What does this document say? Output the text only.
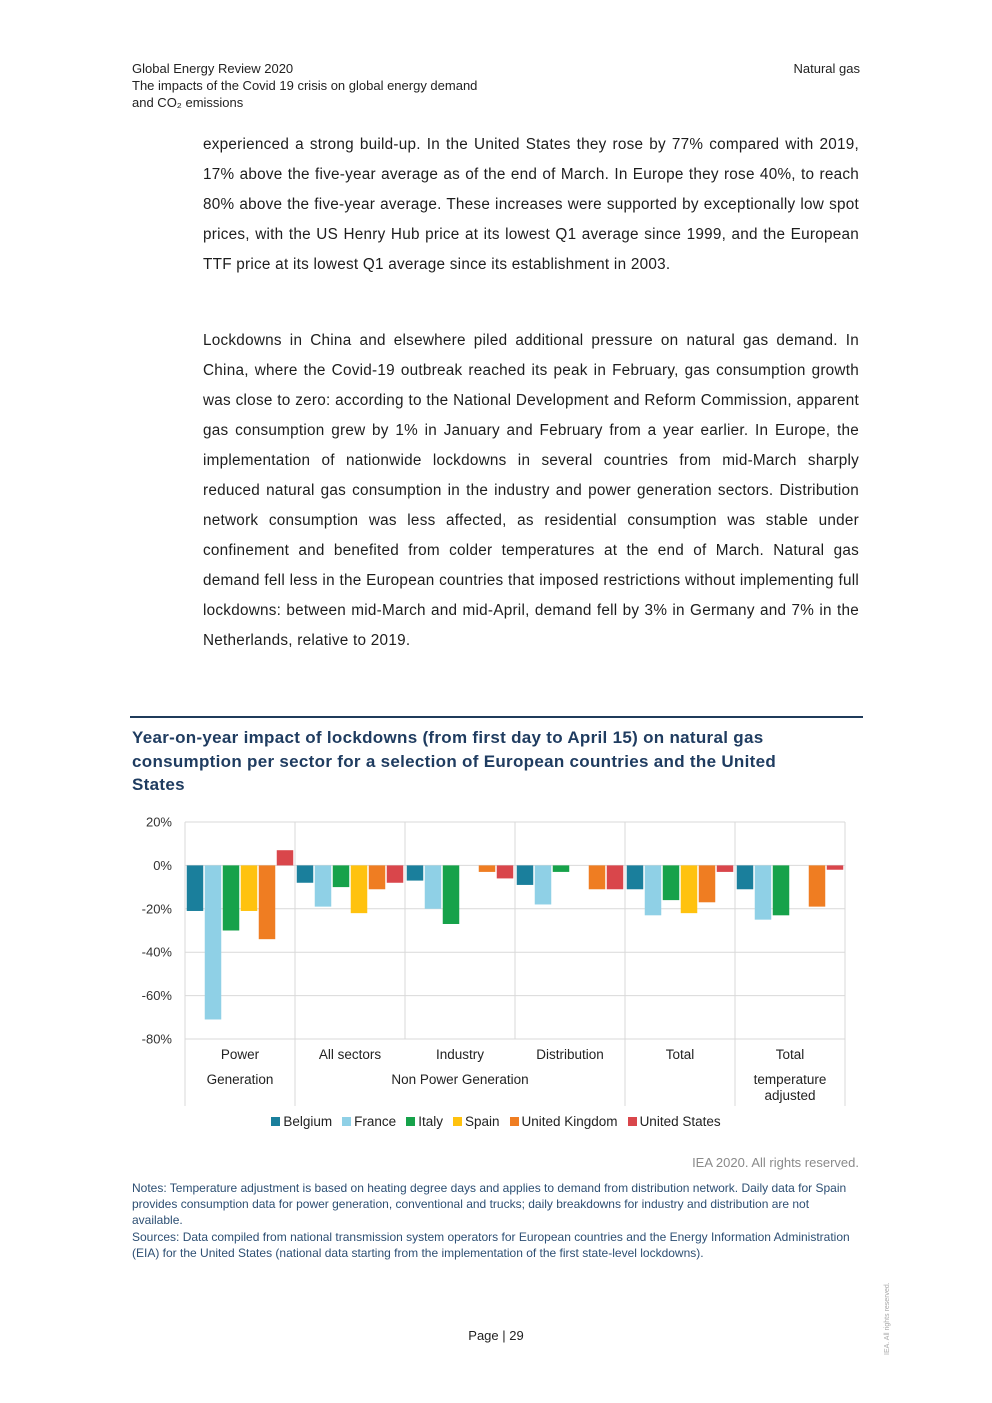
Global Energy Review 2020
The impacts of the Covid 19 crisis on global energy demand
and CO₂ emissions
Natural gas
experienced a strong build-up. In the United States they rose by 77% compared with 2019, 17% above the five-year average as of the end of March. In Europe they rose 40%, to reach 80% above the five-year average. These increases were supported by exceptionally low spot prices, with the US Henry Hub price at its lowest Q1 average since 1999, and the European TTF price at its lowest Q1 average since its establishment in 2003.
Lockdowns in China and elsewhere piled additional pressure on natural gas demand. In China, where the Covid-19 outbreak reached its peak in February, gas consumption growth was close to zero: according to the National Development and Reform Commission, apparent gas consumption grew by 1% in January and February from a year earlier. In Europe, the implementation of nationwide lockdowns in several countries from mid-March sharply reduced natural gas consumption in the industry and power generation sectors. Distribution network consumption was less affected, as residential consumption was stable under confinement and benefited from colder temperatures at the end of March. Natural gas demand fell less in the European countries that imposed restrictions without implementing full lockdowns: between mid-March and mid-April, demand fell by 3% in Germany and 7% in the Netherlands, relative to 2019.
Year-on-year impact of lockdowns (from first day to April 15) on natural gas consumption per sector for a selection of European countries and the United States
20%
0%
-20%
-40%
-60%
-80%
Power	All sectors	Industry	Distribution	Total	Total
Generation	Non Power Generation	temperature adjusted
Belgium France Italy Spain United Kingdom United States
IEA 2020. All rights reserved.

Notes: Temperature adjustment is based on heating degree days and applies to demand from distribution network. Daily data for Spain provides consumption data for power generation, conventional and trucks; daily breakdowns for industry and distribution are not available.

Sources: Data compiled from national transmission system operators for European countries and the Energy Information Administration (EIA) for the United States (national data starting from the implementation of the first state-level lockdowns).

Page | 29	IEA. All rights reserved.
